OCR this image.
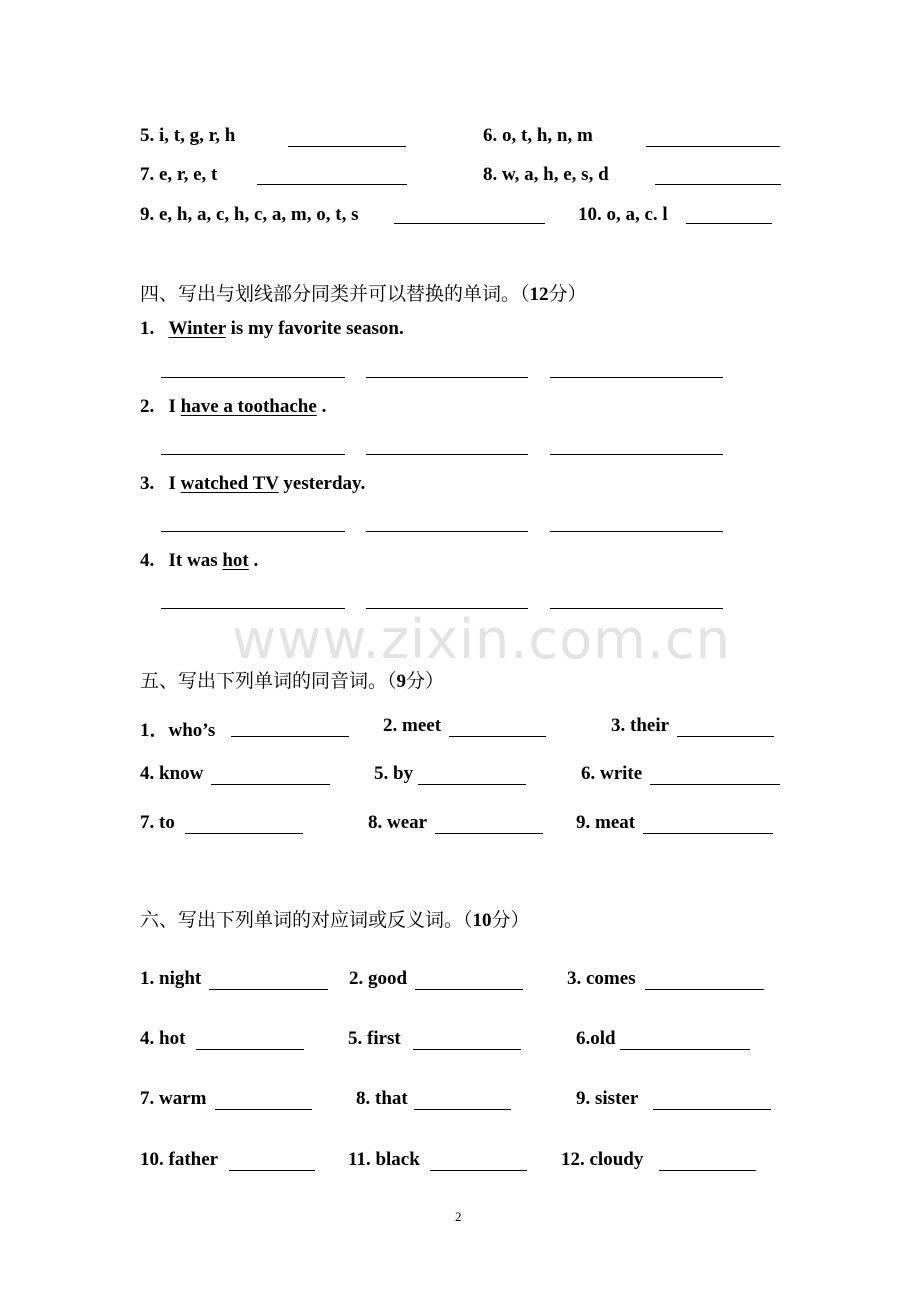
5. i, t, g, r, h	6. o, t, h, n, m
7. e, r, e, t	8. w, a, h, e, s, d
9. e, h, a, c, h, c, a, m, o, t, s	10. o, a, c. l
四、写出与划线部分同类并可以替换的单词。（12分）
1. Winter is my favorite season.
2. I have a toothache .
3. I watched TV yesterday.
4. It was hot .
www.zixin.com.cn
五、写出下列单词的同音词。（9分）
1．who’s	2. meet	3. their
4. know	5. by	6. write
7. to	8. wear	9. meat
六、写出下列单词的对应词或反义词。（10分）
1. night	2. good	3. comes
4. hot	5. first	6.old
7. warm	8. that	9. sister
10. father	11. black	12. cloudy
2
